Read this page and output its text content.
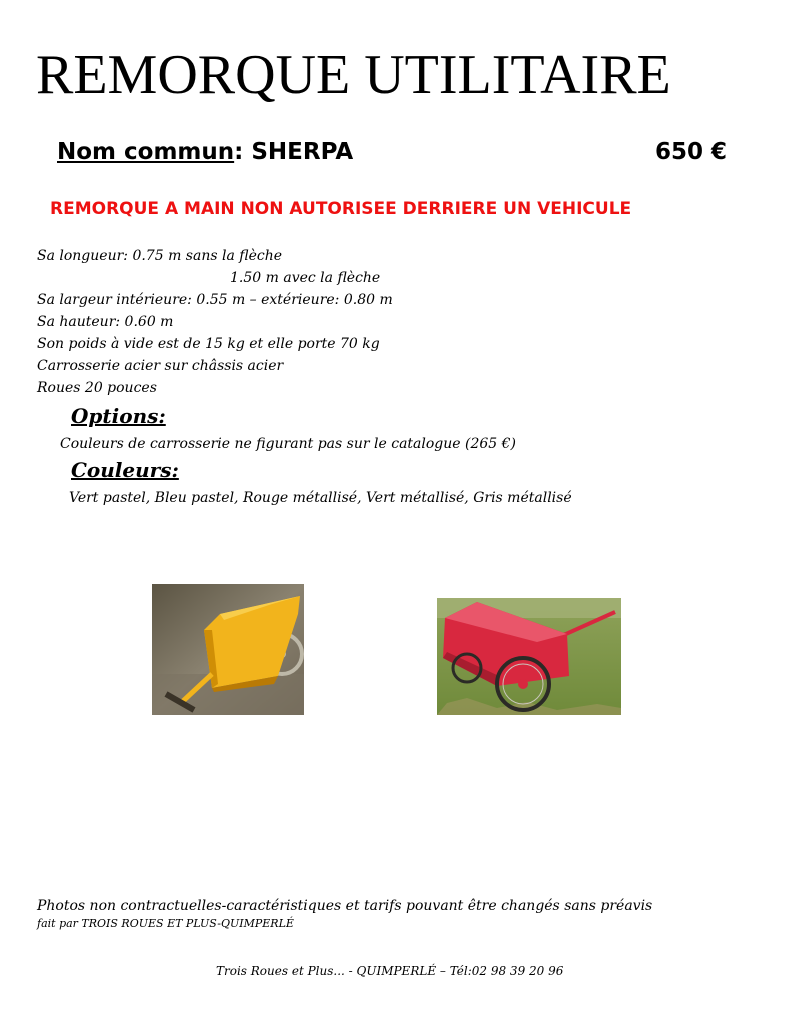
REMORQUE UTILITAIRE
Nom commun: SHERPA	650 €
REMORQUE A MAIN NON AUTORISEE DERRIERE UN VEHICULE
Sa longueur: 0.75 m sans la flèche
1.50 m avec la flèche
Sa largeur intérieure: 0.55 m – extérieure: 0.80 m
Sa hauteur: 0.60 m
Son poids à vide est de 15 kg et elle porte 70 kg
Carrosserie acier sur châssis acier
Roues 20 pouces
Options:
Couleurs de carrosserie ne figurant pas sur le catalogue (265 €)
Couleurs:
Vert pastel, Bleu pastel, Rouge métallisé, Vert métallisé, Gris métallisé
Photos non contractuelles-caractéristiques et tarifs pouvant être changés sans préavis
fait par TROIS ROUES ET PLUS-QUIMPERLÉ
Trois Roues et Plus... - QUIMPERLÉ – Tél:02 98 39 20 96
